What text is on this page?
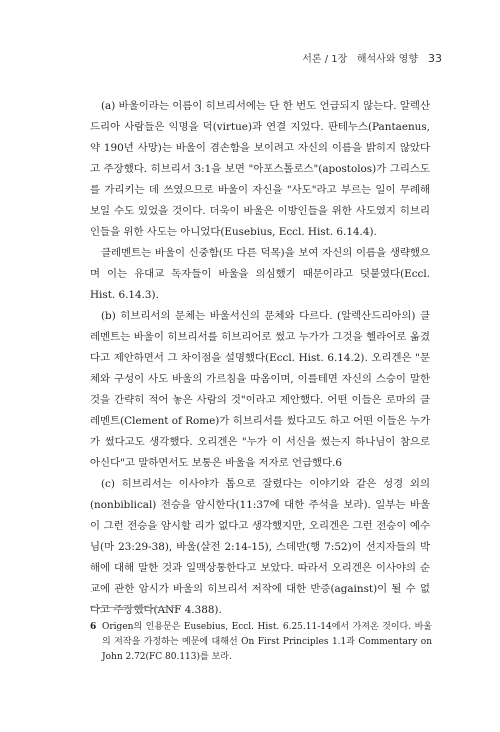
서론 / 1장   해석사와 영향 33

(a) 바울이라는 이름이 히브리서에는 단 한 번도 언급되지 않는다. 알렉산드리아 사람들은 익명을 덕(virtue)과 연결 지었다. 판테누스(Pantaenus, 약 190년 사망)는 바울이 겸손함을 보이려고 자신의 이름을 밝히지 않았다고 주장했다. 히브리서 3:1을 보면 "아포스톨로스"(apostolos)가 그리스도를 가리키는 데 쓰였으므로 바울이 자신을 "사도"라고 부르는 일이 무례해 보일 수도 있었을 것이다. 더욱이 바울은 이방인들을 위한 사도였지 히브리인들을 위한 사도는 아니었다(Eusebius, Eccl. Hist. 6.14.4).

클레멘트는 바울이 신중함(또 다른 덕목)을 보여 자신의 이름을 생략했으며 이는 유대교 독자들이 바울을 의심했기 때문이라고 덧붙였다(Eccl. Hist. 6.14.3).

(b) 히브리서의 문체는 바울서신의 문체와 다르다. (알렉산드리아의) 클레멘트는 바울이 히브리서를 히브리어로 썼고 누가가 그것을 헬라어로 옮겼다고 제안하면서 그 차이점을 설명했다(Eccl. Hist. 6.14.2). 오리겐은 "문체와 구성이 사도 바울의 가르침을 따옴이며, 이를테면 자신의 스승이 말한 것을 간략히 적어 놓은 사람의 것"이라고 제안했다. 어떤 이들은 로마의 클레멘트(Clement of Rome)가 히브리서를 썼다고도 하고 어떤 이들은 누가가 썼다고도 생각했다. 오리겐은 "누가 이 서신을 썼는지 하나님이 참으로 아신다"고 말하면서도 보통은 바울을 저자로 언급했다.6

(c) 히브리서는 이사야가 톱으로 잘렸다는 이야기와 같은 성경 외의(nonbiblical) 전승을 암시한다(11:37에 대한 주석을 보라). 일부는 바울이 그런 전승을 암시할 리가 없다고 생각했지만, 오리겐은 그런 전승이 예수님(마 23:29-38), 바울(살전 2:14-15), 스데반(행 7:52)이 선지자들의 박해에 대해 말한 것과 일맥상통한다고 보았다. 따라서 오리겐은 이사야의 순교에 관한 암시가 바울의 히브리서 저작에 대한 반증(against)이 될 수 없다고 주장했다(ANF 4.388).

6 Origen의 인용문은 Eusebius, Eccl. Hist. 6.25.11-14에서 가져온 것이다. 바울의 저작을 가정하는 예문에 대해선 On First Principles 1.1과 Commentary on John 2.72(FC 80.113)를 보라.
